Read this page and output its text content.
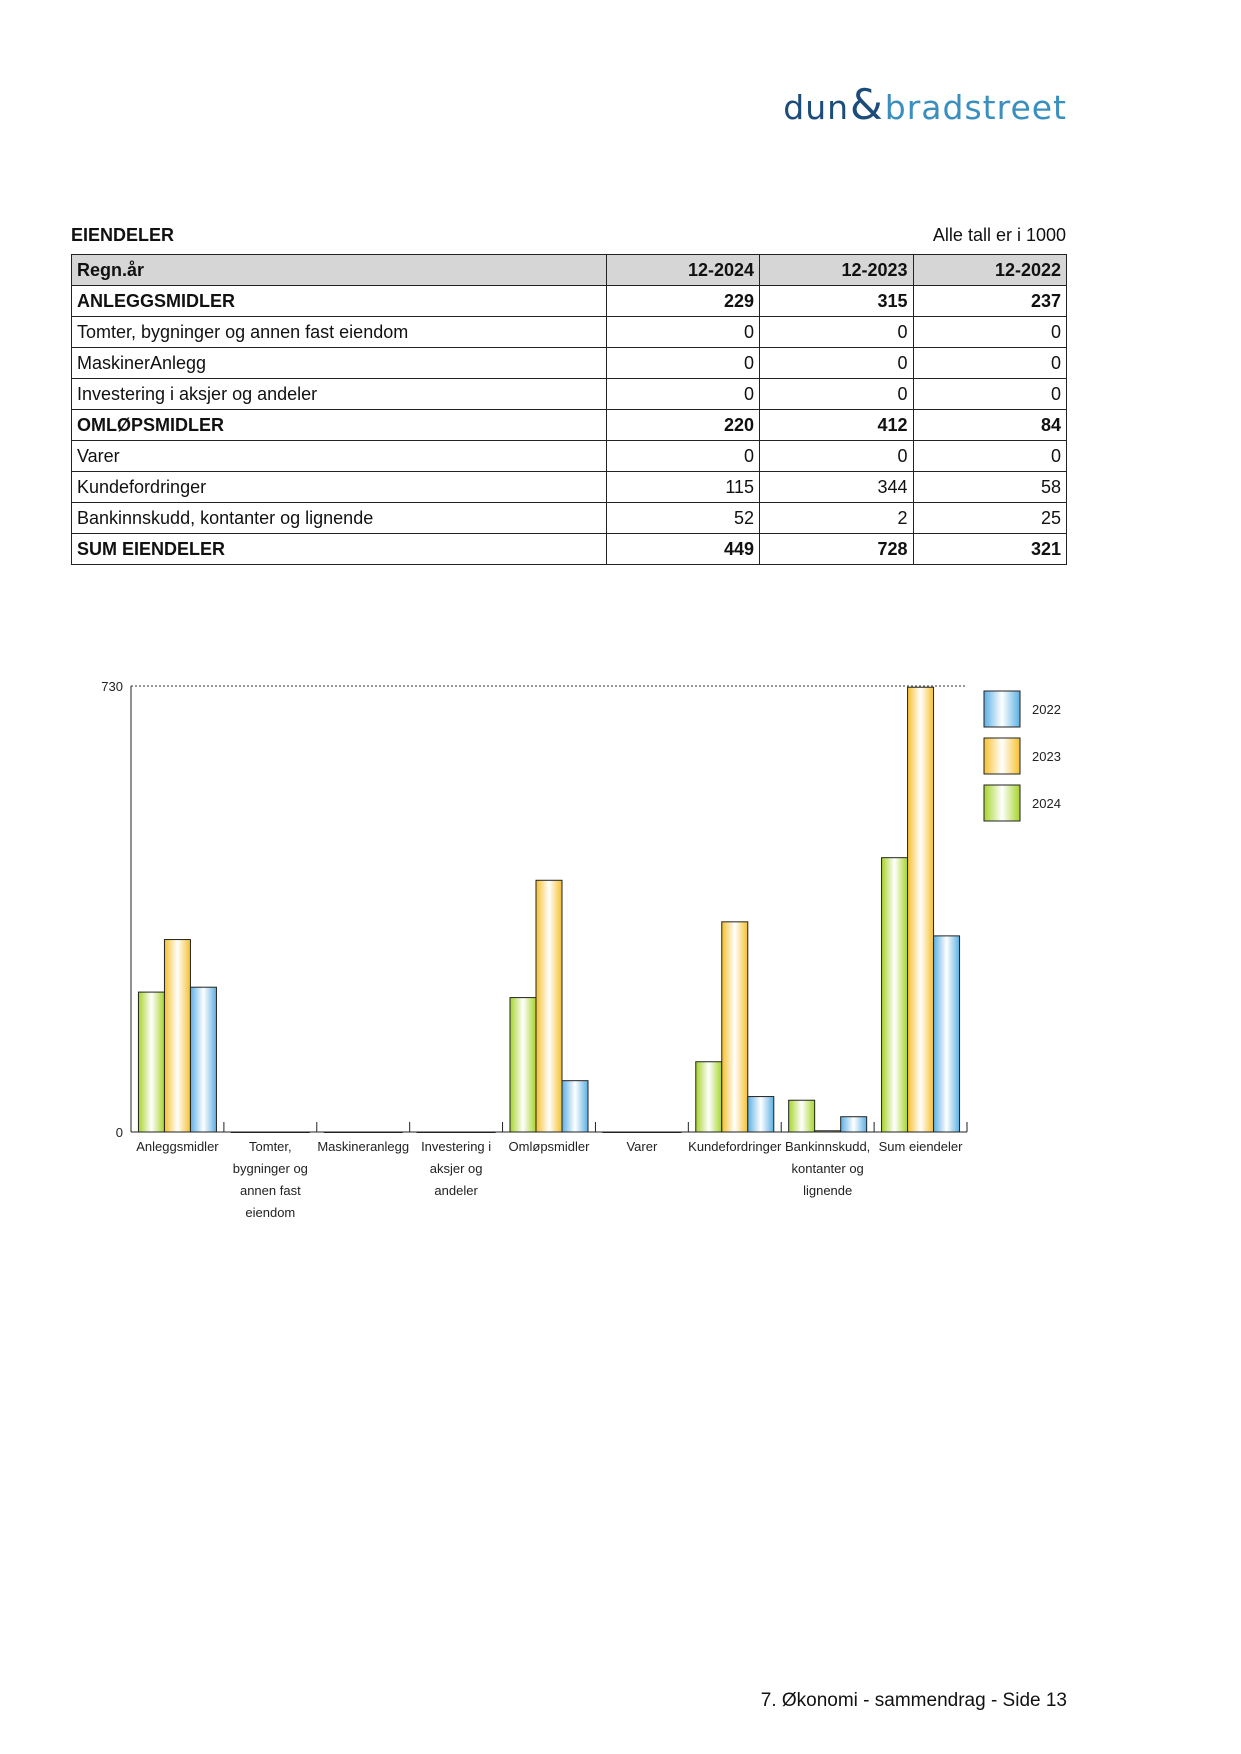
dun & bradstreet
EIENDELER	Alle tall er i 1000
Regn.år	12-2024	12-2023	12-2022
ANLEGGSMIDLER	229	315	237
Tomter, bygninger og annen fast eiendom	0	0	0
MaskinerAnlegg	0	0	0
Investering i aksjer og andeler	0	0	0
OMLØPSMIDLER	220	412	84
Varer	0	0	0
Kundefordringer	115	344	58
Bankinnskudd, kontanter og lignende	52	2	25
SUM EIENDELER	449	728	321
730
0
Anleggsmidler Tomter,
bygninger og
annen fast
eiendom
Maskineranlegg Investering i
aksjer og
andeler
Omløpsmidler	Varer Kundefordringer Bankinnskudd,
kontanter og
lignende
Sum eiendeler
2022
2023
2024
7. Økonomi - sammendrag - Side 13
